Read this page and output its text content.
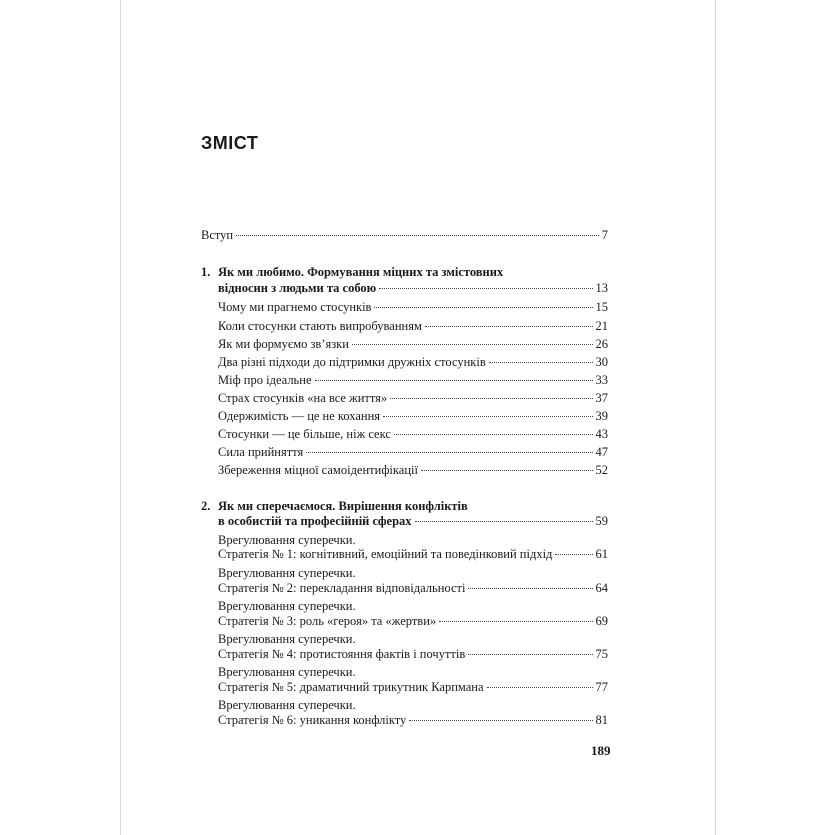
ЗМІСТ
Вступ	7
1. Як ми любимо. Формування міцних та змістовних
відносин з людьми та собою	13
Чому ми прагнемо стосунків	15
Коли стосунки стають випробуванням	21
Як ми формуємо зв’язки	26
Два різні підходи до підтримки дружніх стосунків	30
Міф про ідеальне	33
Страх стосунків «на все життя»	37
Одержимість — це не кохання	39
Стосунки — це більше, ніж секс	43
Сила прийняття	47
Збереження міцної самоідентифікації	52
2. Як ми сперечаємося. Вирішення конфліктів
в особистій та професійній сферах	59
Врегулювання суперечки.
Стратегія № 1: когнітивний, емоційний та поведінковий підхід	61
Врегулювання суперечки.
Стратегія № 2: перекладання відповідальності	64
Врегулювання суперечки.
Стратегія № 3: роль «героя» та «жертви»	69
Врегулювання суперечки.
Стратегія № 4: протистояння фактів і почуттів	75
Врегулювання суперечки.
Стратегія № 5: драматичний трикутник Карпмана	77
Врегулювання суперечки.
Стратегія № 6: уникання конфлікту	81
189
